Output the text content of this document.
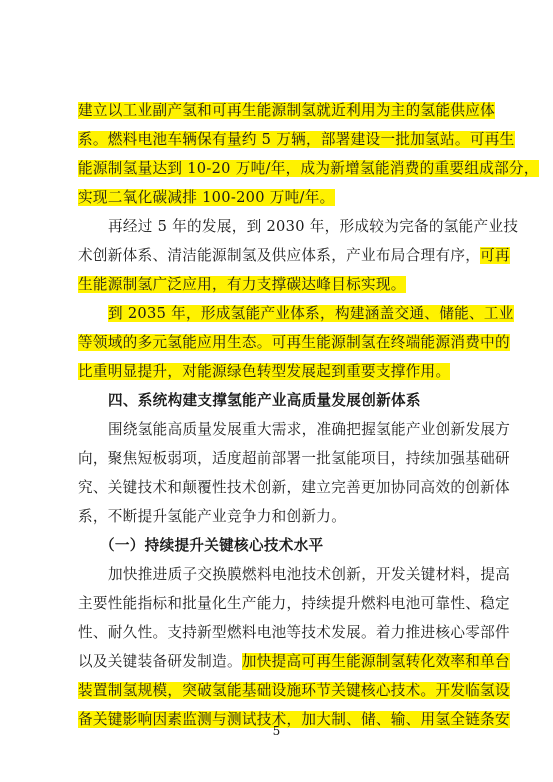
建立以工业副产氢和可再生能源制氢就近利用为主的氢能供应体
系。燃料电池车辆保有量约 5 万辆，部署建设一批加氢站。可再生
能源制氢量达到 10-20 万吨/年，成为新增氢能消费的重要组成部分，
实现二氧化碳减排 100-200 万吨/年。
再经过 5 年的发展，到 2030 年，形成较为完备的氢能产业技
术创新体系、清洁能源制氢及供应体系，产业布局合理有序，可再
生能源制氢广泛应用，有力支撑碳达峰目标实现。
到 2035 年，形成氢能产业体系，构建涵盖交通、储能、工业
等领域的多元氢能应用生态。可再生能源制氢在终端能源消费中的
比重明显提升，对能源绿色转型发展起到重要支撑作用。
四、系统构建支撑氢能产业高质量发展创新体系
围绕氢能高质量发展重大需求，准确把握氢能产业创新发展方
向，聚焦短板弱项，适度超前部署一批氢能项目，持续加强基础研
究、关键技术和颠覆性技术创新，建立完善更加协同高效的创新体
系，不断提升氢能产业竞争力和创新力。
（一）持续提升关键核心技术水平
加快推进质子交换膜燃料电池技术创新，开发关键材料，提高
主要性能指标和批量化生产能力，持续提升燃料电池可靠性、稳定
性、耐久性。支持新型燃料电池等技术发展。着力推进核心零部件
以及关键装备研发制造。加快提高可再生能源制氢转化效率和单台
装置制氢规模，突破氢能基础设施环节关键核心技术。开发临氢设
备关键影响因素监测与测试技术，加大制、储、输、用氢全链条安
5
